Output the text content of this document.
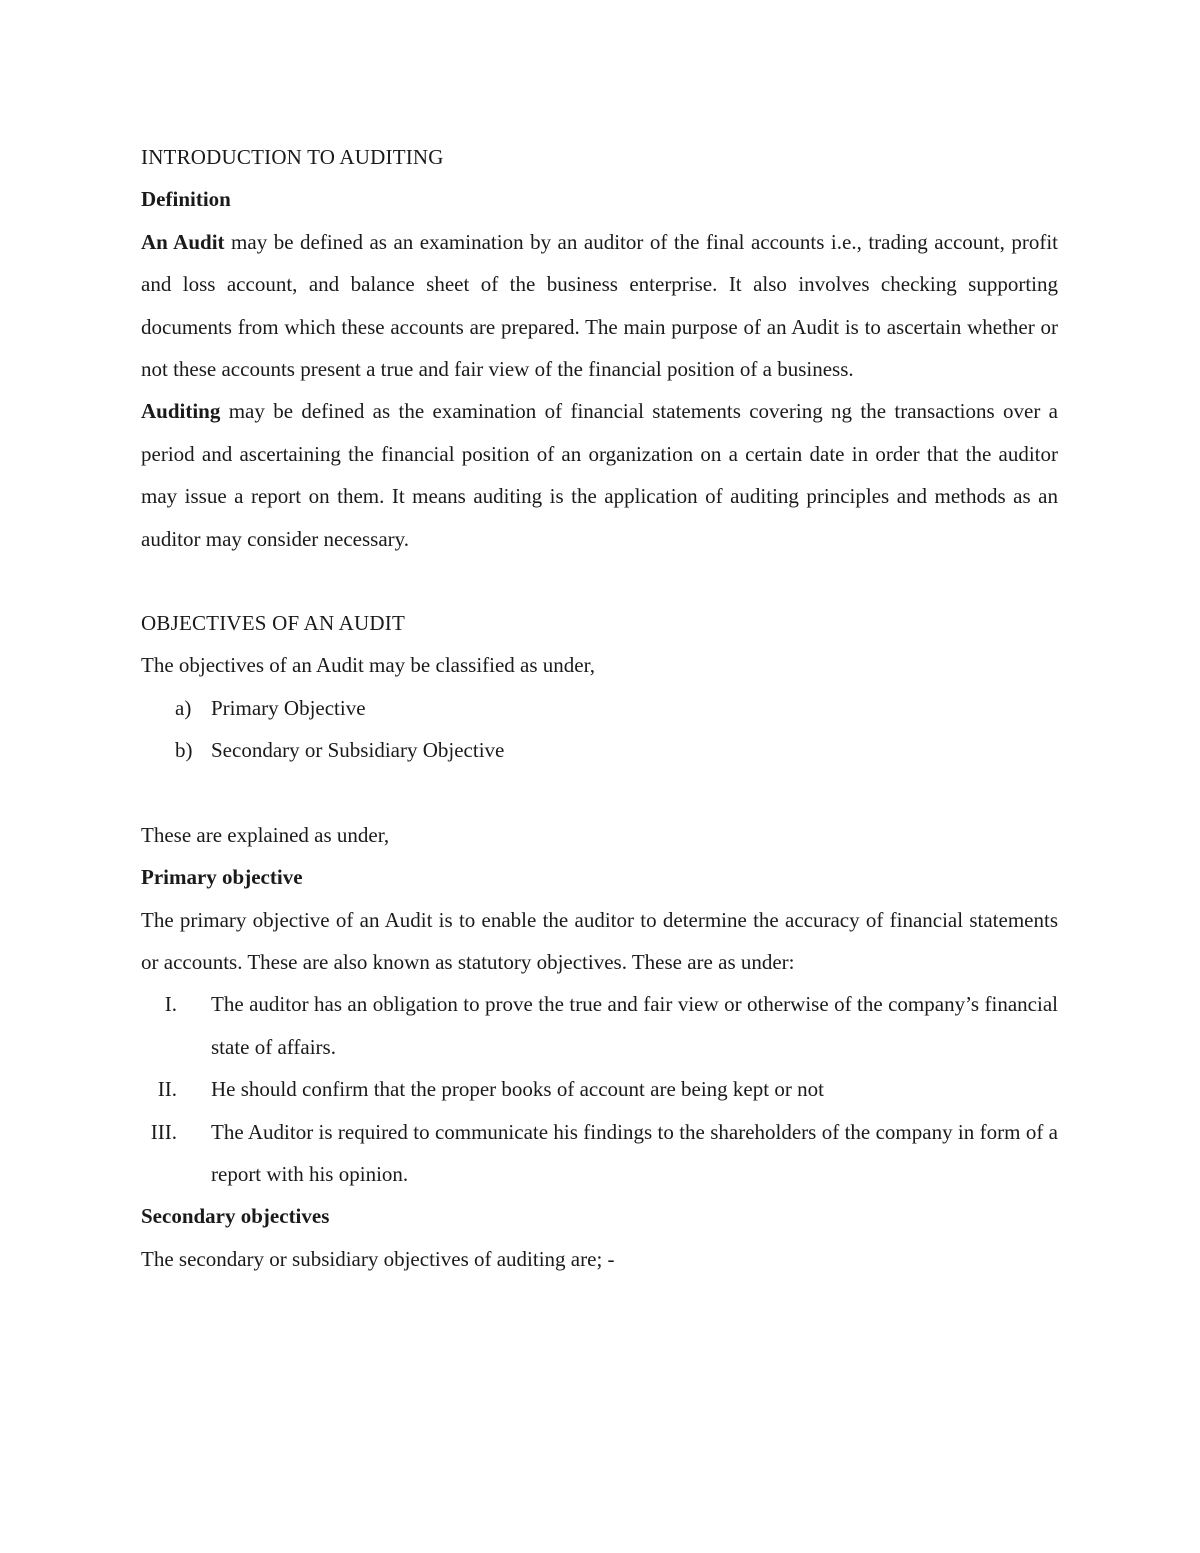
INTRODUCTION TO AUDITING

Definition

An Audit may be defined as an examination by an auditor of the final accounts i.e., trading account, profit and loss account, and balance sheet of the business enterprise. It also involves checking supporting documents from which these accounts are prepared. The main purpose of an Audit is to ascertain whether or not these accounts present a true and fair view of the financial position of a business.

Auditing may be defined as the examination of financial statements covering ng the transactions over a period and ascertaining the financial position of an organization on a certain date in order that the auditor may issue a report on them. It means auditing is the application of auditing principles and methods as an auditor may consider necessary.

OBJECTIVES OF AN AUDIT

The objectives of an Audit may be classified as under,

a) Primary Objective
b) Secondary or Subsidiary Objective

These are explained as under,

Primary objective

The primary objective of an Audit is to enable the auditor to determine the accuracy of financial statements or accounts. These are also known as statutory objectives. These are as under:

I. The auditor has an obligation to prove the true and fair view or otherwise of the company’s financial state of affairs.
II. He should confirm that the proper books of account are being kept or not
III. The Auditor is required to communicate his findings to the shareholders of the company in form of a report with his opinion.

Secondary objectives

The secondary or subsidiary objectives of auditing are; -
